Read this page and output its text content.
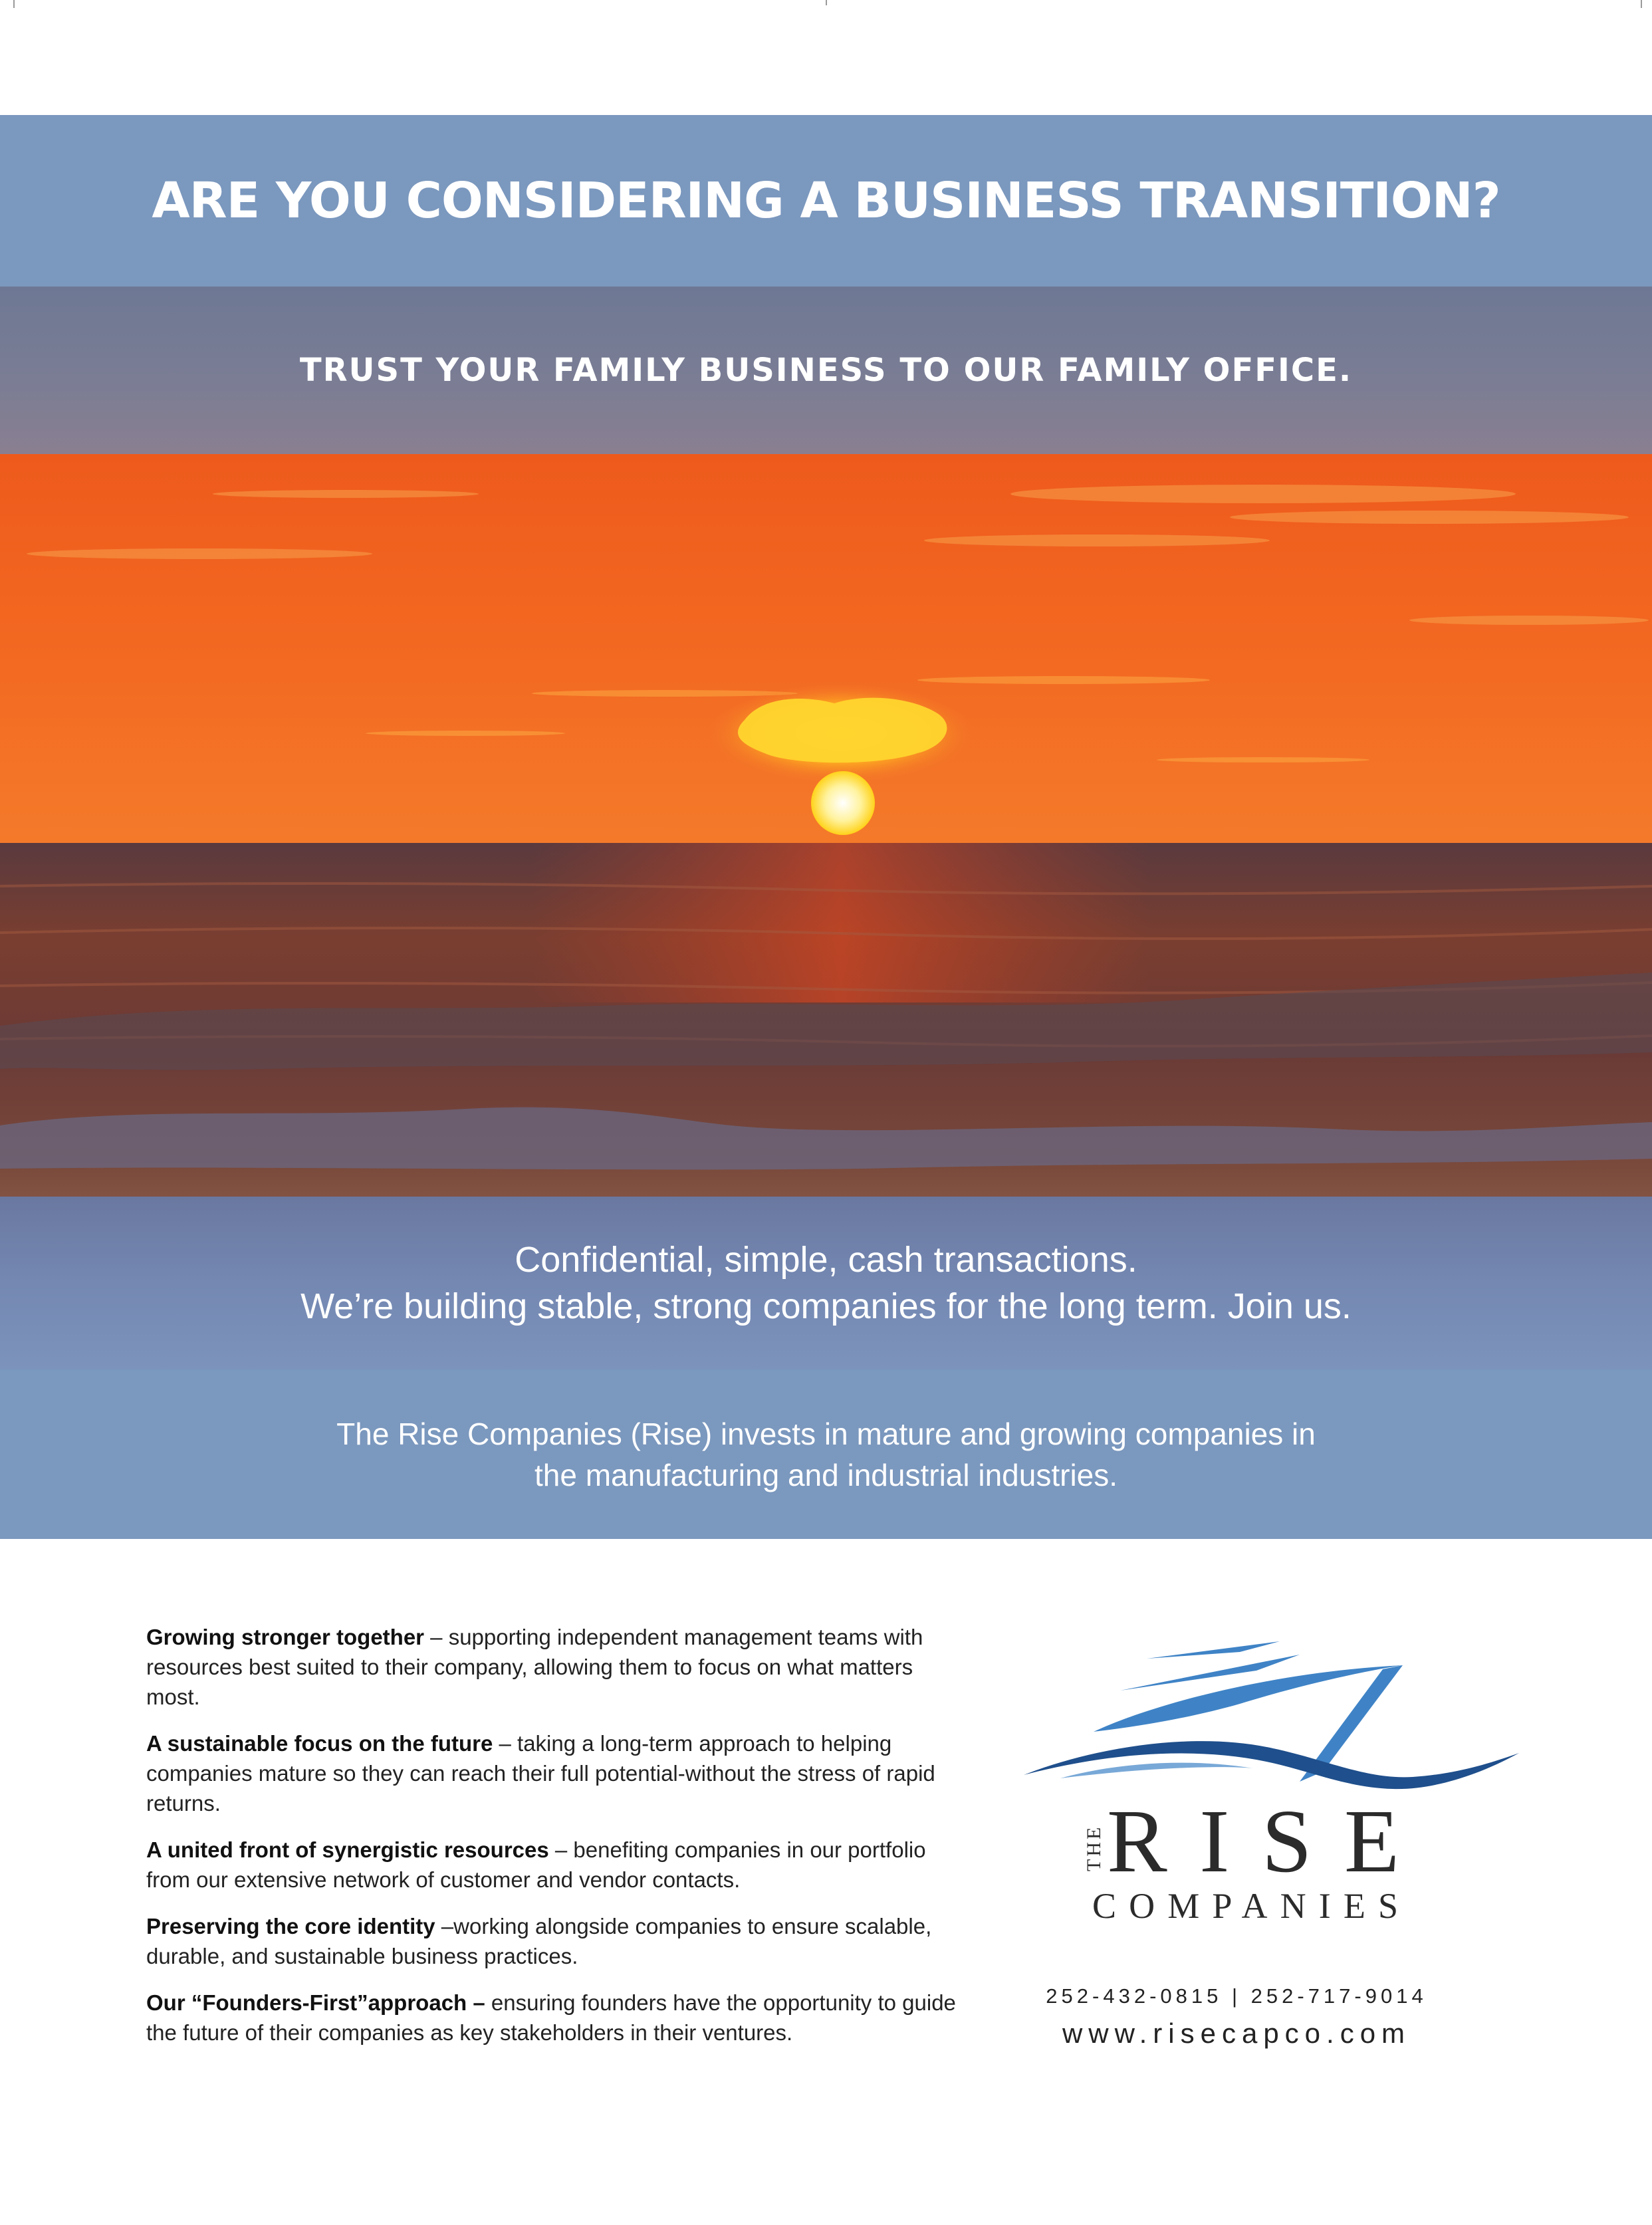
ARE YOU CONSIDERING A BUSINESS TRANSITION?
TRUST YOUR FAMILY BUSINESS TO OUR FAMILY OFFICE.

Confidential, simple, cash transactions.

We’re building stable, strong companies for the long term. Join us.

The Rise Companies (Rise) invests in mature and growing companies in

the manufacturing and industrial industries.

Growing stronger together – supporting independent management teams with resources best suited to their company, allowing them to focus on what matters most.

A sustainable focus on the future – taking a long-term approach to helping companies mature so they can reach their full potential-without the stress of rapid returns.

A united front of synergistic resources – benefiting companies in our portfolio from our extensive network of customer and vendor contacts.

Preserving the core identity –working alongside companies to ensure scalable, durable, and sustainable business practices.

Our “Founders-First”approach – ensuring founders have the opportunity to guide the future of their companies as key stakeholders in their ventures.

THE RISE
COMPANIES
252-432-0815 | 252-717-9014
www.risecapco.com
